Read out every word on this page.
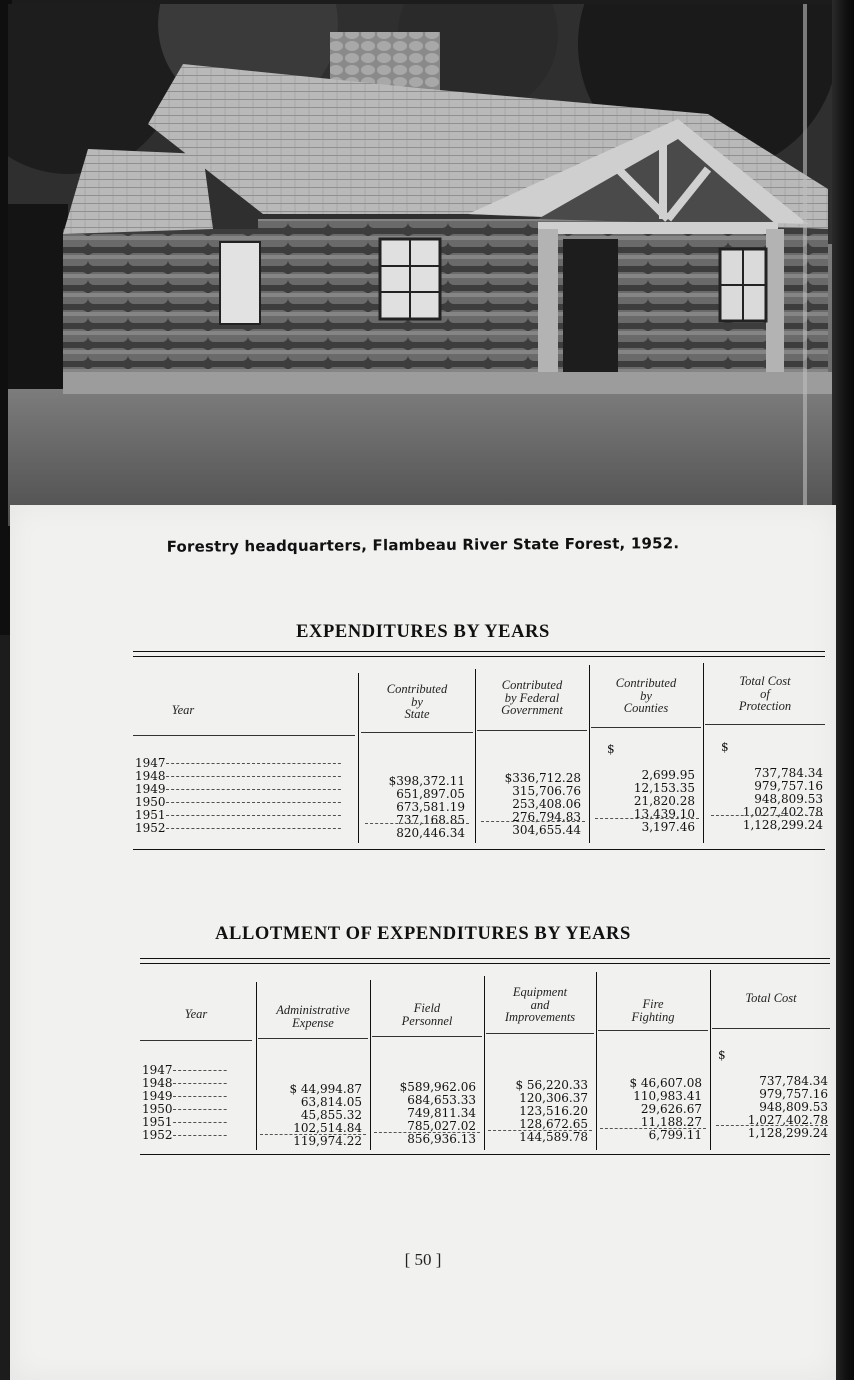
Forestry headquarters, Flambeau River State Forest, 1952.
EXPENDITURES BY YEARS
Year
Contributed
by
State
Contributed
by Federal
Government
Contributed
by
Counties
Total Cost
of
Protection
1947-----------------------------------
1948-----------------------------------
1949-----------------------------------
1950-----------------------------------
1951-----------------------------------
1952-----------------------------------

$398,372.11
651,897.05
673,581.19
737,168.85
820,446.34

$336,712.28
315,706.76
253,408.06
276,794.83
304,655.44

$

2,699.95
12,153.35
21,820.28
13,439.10
3,197.46

$

737,784.34
979,757.16
948,809.53
1,027,402.78
1,128,299.24

ALLOTMENT OF EXPENDITURES BY YEARS
Year	Administrative
Expense
Field
Personnel
Equipment
and
Improvements
Fire
Fighting
Total Cost
1947-----------
1948-----------
1949-----------
1950-----------
1951-----------
1952-----------

$ 44,994.87
63,814.05
45,855.32
102,514.84
119,974.22

$589,962.06
684,653.33
749,811.34
785,027.02
856,936.13

$ 56,220.33
120,306.37
123,516.20
128,672.65
144,589.78

$ 46,607.08
110,983.41
29,626.67
11,188.27
6,799.11

$

737,784.34
979,757.16
948,809.53
1,027,402.78
1,128,299.24

[ 50 ]
